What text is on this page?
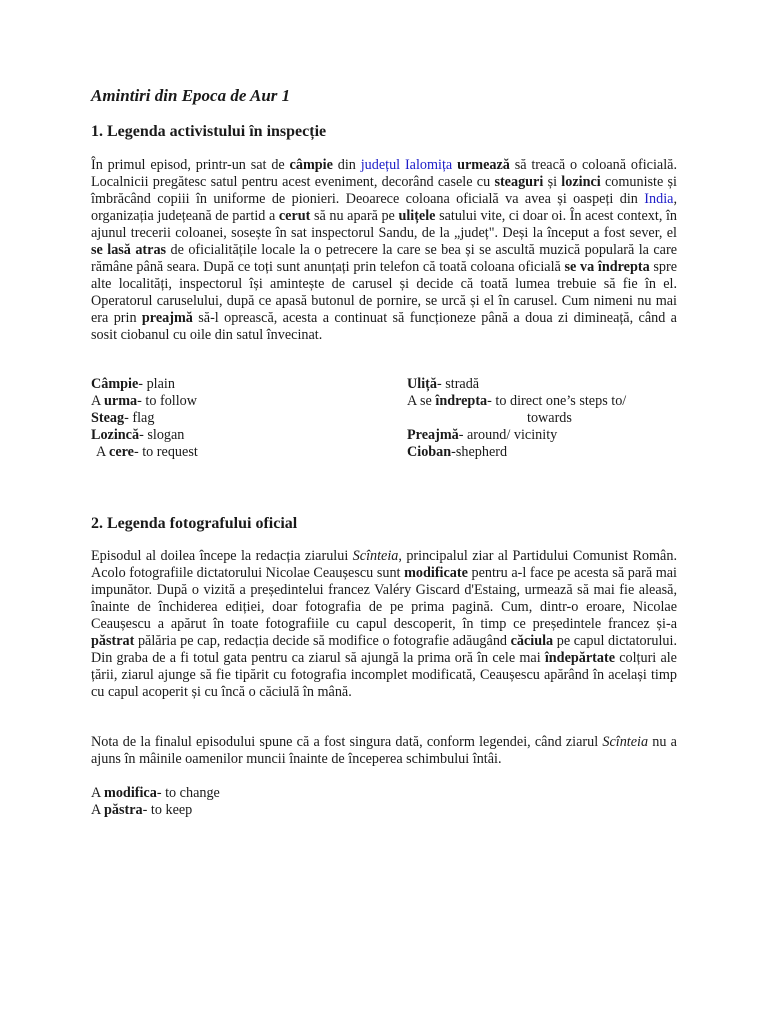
Amintiri din Epoca de Aur 1
1. Legenda activistului în inspecție

În primul episod, printr-un sat de câmpie din județul Ialomița urmează să treacă o coloană oficială. Localnicii pregătesc satul pentru acest eveniment, decorând casele cu steaguri și lozinci comuniste și îmbrăcând copiii în uniforme de pionieri. Deoarece coloana oficială va avea și oaspeți din India, organizația județeană de partid a cerut să nu apară pe ulițele satului vite, ci doar oi. În acest context, în ajunul trecerii coloanei, sosește în sat inspectorul Sandu, de la „județ". Deși la început a fost sever, el se lasă atras de oficialitățile locale la o petrecere la care se bea și se ascultă muzică populară la care rămâne până seara. După ce toți sunt anunțați prin telefon că toată coloana oficială se va îndrepta spre alte localități, inspectorul își amintește de carusel și decide că toată lumea trebuie să fie în el. Operatorul caruselului, după ce apasă butonul de pornire, se urcă și el în carusel. Cum nimeni nu mai era prin preajmă să-l oprească, acesta a continuat să funcționeze până a doua zi dimineață, când a sosit ciobanul cu oile din satul învecinat.

Câmpie- plain
A urma- to follow
Steag- flag
Lozincă- slogan
A cere- to request
Uliță- stradă
A se îndrepta- to direct one’s steps to/
towards
Preajmă- around/ vicinity
Cioban-shepherd
2. Legenda fotografului oficial

Episodul al doilea începe la redacția ziarului Scînteia, principalul ziar al Partidului Comunist Român. Acolo fotografiile dictatorului Nicolae Ceaușescu sunt modificate pentru a-l face pe acesta să pară mai impunător. După o vizită a președintelui francez Valéry Giscard d'Estaing, urmează să mai fie aleasă, înainte de închiderea ediției, doar fotografia de pe prima pagină. Cum, dintr-o eroare, Nicolae Ceaușescu a apărut în toate fotografiile cu capul descoperit, în timp ce președintele francez și-a păstrat pălăria pe cap, redacția decide să modifice o fotografie adăugând căciula pe capul dictatorului. Din graba de a fi totul gata pentru ca ziarul să ajungă la prima oră în cele mai îndepărtate colțuri ale țării, ziarul ajunge să fie tipărit cu fotografia incomplet modificată, Ceaușescu apărând în același timp cu capul acoperit și cu încă o căciulă în mână.

Nota de la finalul episodului spune că a fost singura dată, conform legendei, când ziarul Scînteia nu a ajuns în mâinile oamenilor muncii înainte de începerea schimbului întâi.

A modifica- to change
A păstra- to keep
